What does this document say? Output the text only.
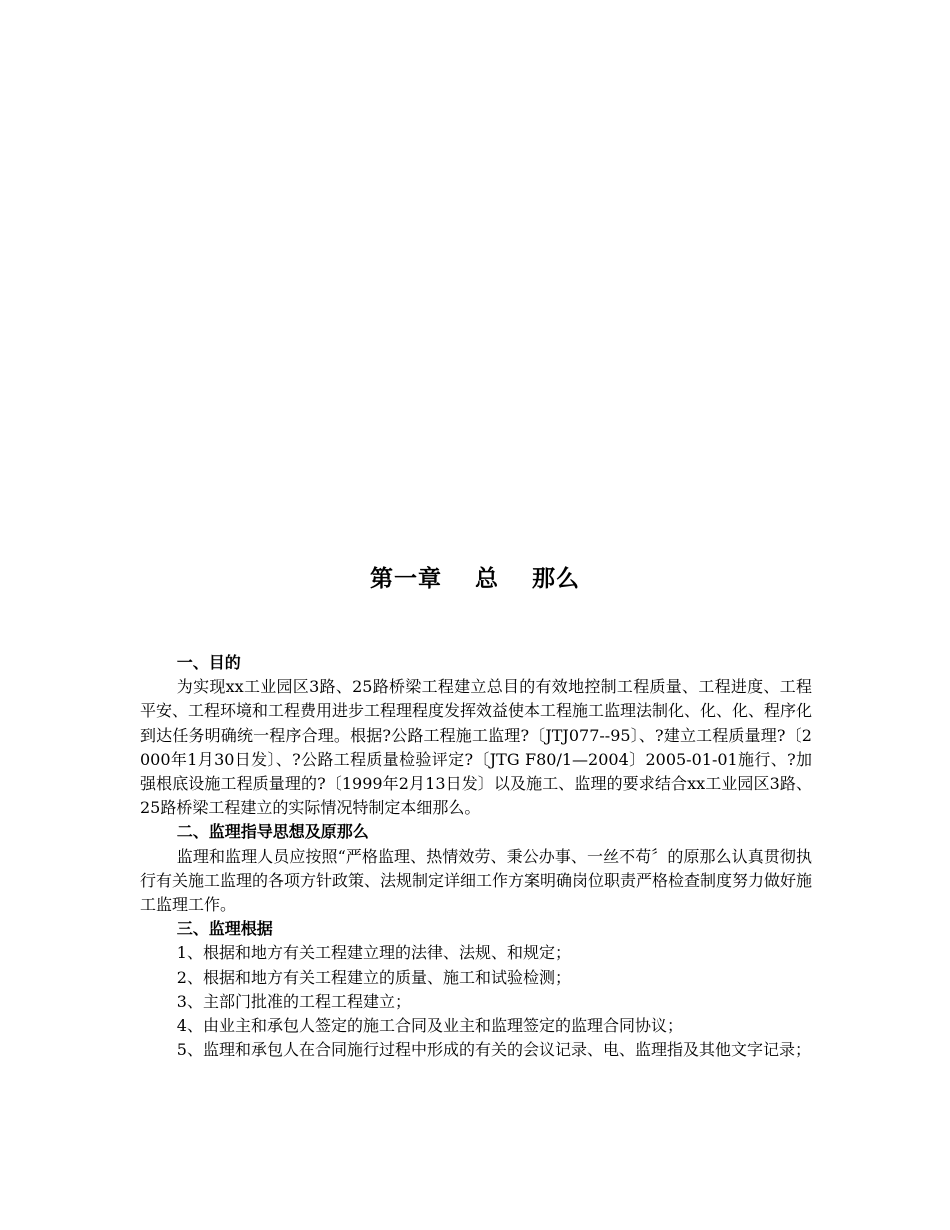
第一章　 总　 那么

一、目的

为实现xx工业园区3路、25路桥梁工程建立总目的有效地控制工程质量、工程进度、工程平安、工程环境和工程费用进步工程理程度发挥效益使本工程施工监理法制化、化、化、程序化到达任务明确统一程序合理。根据?公路工程施工监理?〔JTJ077--95〕、?建立工程质量理?〔2000年1月30日发〕、?公路工程质量检验评定?〔JTG F80/1—2004〕2005-01-01施行、?加强根底设施工程质量理的?〔1999年2月13日发〕以及施工、监理的要求结合xx工业园区3路、25路桥梁工程建立的实际情况特制定本细那么。

二、监理指导思想及原那么

监理和监理人员应按照“严格监理、热情效劳、秉公办事、一丝不苟〞的原那么认真贯彻执行有关施工监理的各项方针政策、法规制定详细工作方案明确岗位职责严格检查制度努力做好施工监理工作。

三、监理根据

1、根据和地方有关工程建立理的法律、法规、和规定；

2、根据和地方有关工程建立的质量、施工和试验检测；

3、主部门批准的工程工程建立；

4、由业主和承包人签定的施工合同及业主和监理签定的监理合同协议；

5、监理和承包人在合同施行过程中形成的有关的会议记录、电、监理指及其他文字记录；
